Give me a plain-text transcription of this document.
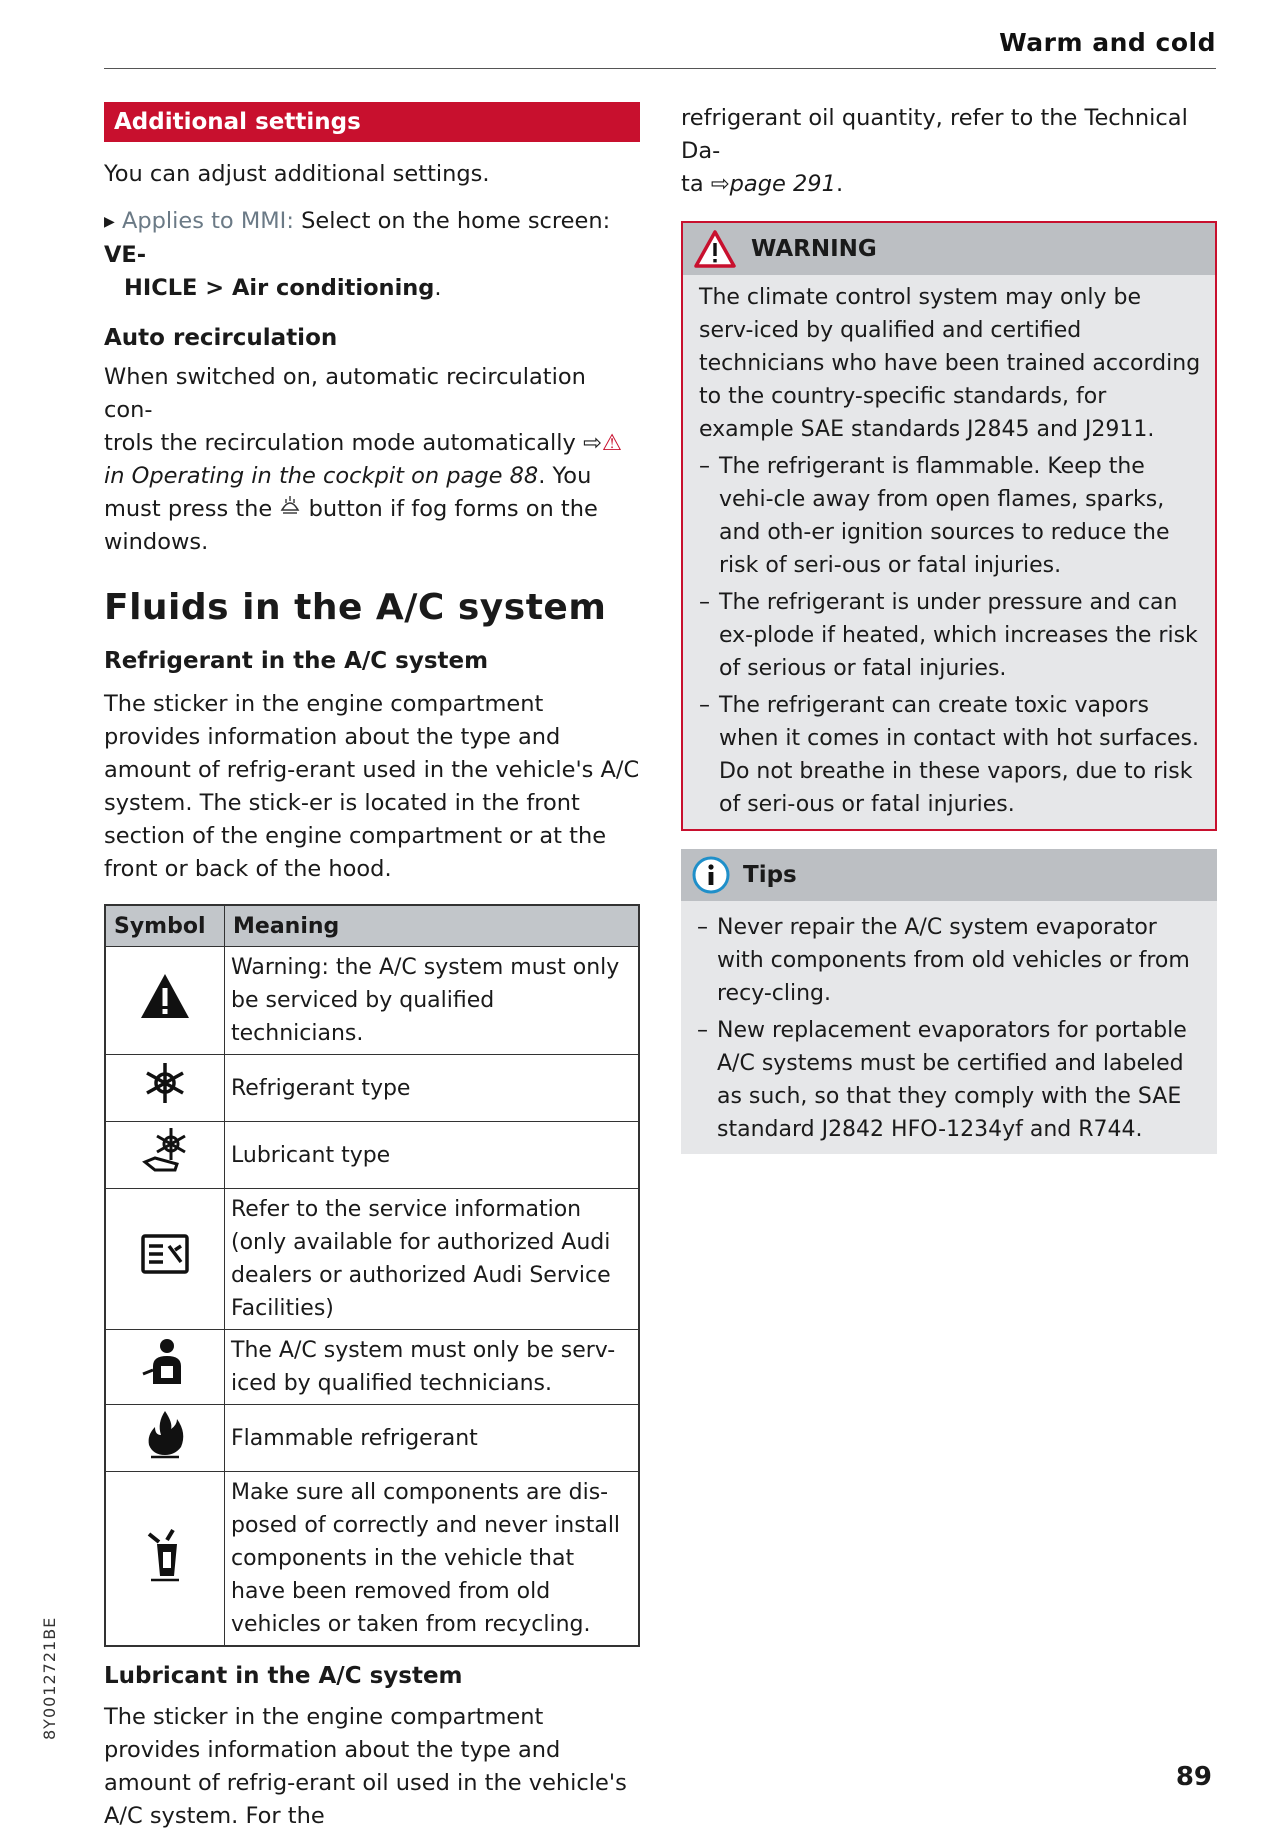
Warm and cold
Additional settings

You can adjust additional settings.

▶ Applies to MMI: Select on the home screen: VE-

HICLE > Air conditioning.

Auto recirculation

When switched on, automatic recirculation con-

trols the recirculation mode automatically ⇨⚠

in Operating in the cockpit on page 88. You must press the button if fog forms on the windows.

Fluids in the A/C system
Refrigerant in the A/C system

The sticker in the engine compartment provides information about the type and amount of refrig-erant used in the vehicle's A/C system. The stick-er is located in the front section of the engine compartment or at the front or back of the hood.

Symbol	Meaning
	Warning: the A/C system must only be serviced by qualified technicians.
	Refrigerant type
	Lubricant type
	Refer to the service information (only available for authorized Audi dealers or authorized Audi Service Facilities)
	The A/C system must only be serv-iced by qualified technicians.
	Flammable refrigerant
	Make sure all components are dis-posed of correctly and never install components in the vehicle that have been removed from old vehicles or taken from recycling.
Lubricant in the A/C system

The sticker in the engine compartment provides information about the type and amount of refrig-erant oil used in the vehicle's A/C system. For the

refrigerant oil quantity, refer to the Technical Da-

ta ⇨page 291.

WARNING

The climate control system may only be serv-iced by qualified and certified technicians who have been trained according to the country-specific standards, for example SAE standards J2845 and J2911.

– The refrigerant is flammable. Keep the vehi-cle away from open flames, sparks, and oth-er ignition sources to reduce the risk of seri-ous or fatal injuries.
– The refrigerant is under pressure and can ex-plode if heated, which increases the risk of serious or fatal injuries.
– The refrigerant can create toxic vapors when it comes in contact with hot surfaces. Do not breathe in these vapors, due to risk of seri-ous or fatal injuries.
Tips
– Never repair the A/C system evaporator with components from old vehicles or from recy-cling.
– New replacement evaporators for portable A/C systems must be certified and labeled as such, so that they comply with the SAE standard J2842 HFO-1234yf and R744.
8Y0012721BE
89
